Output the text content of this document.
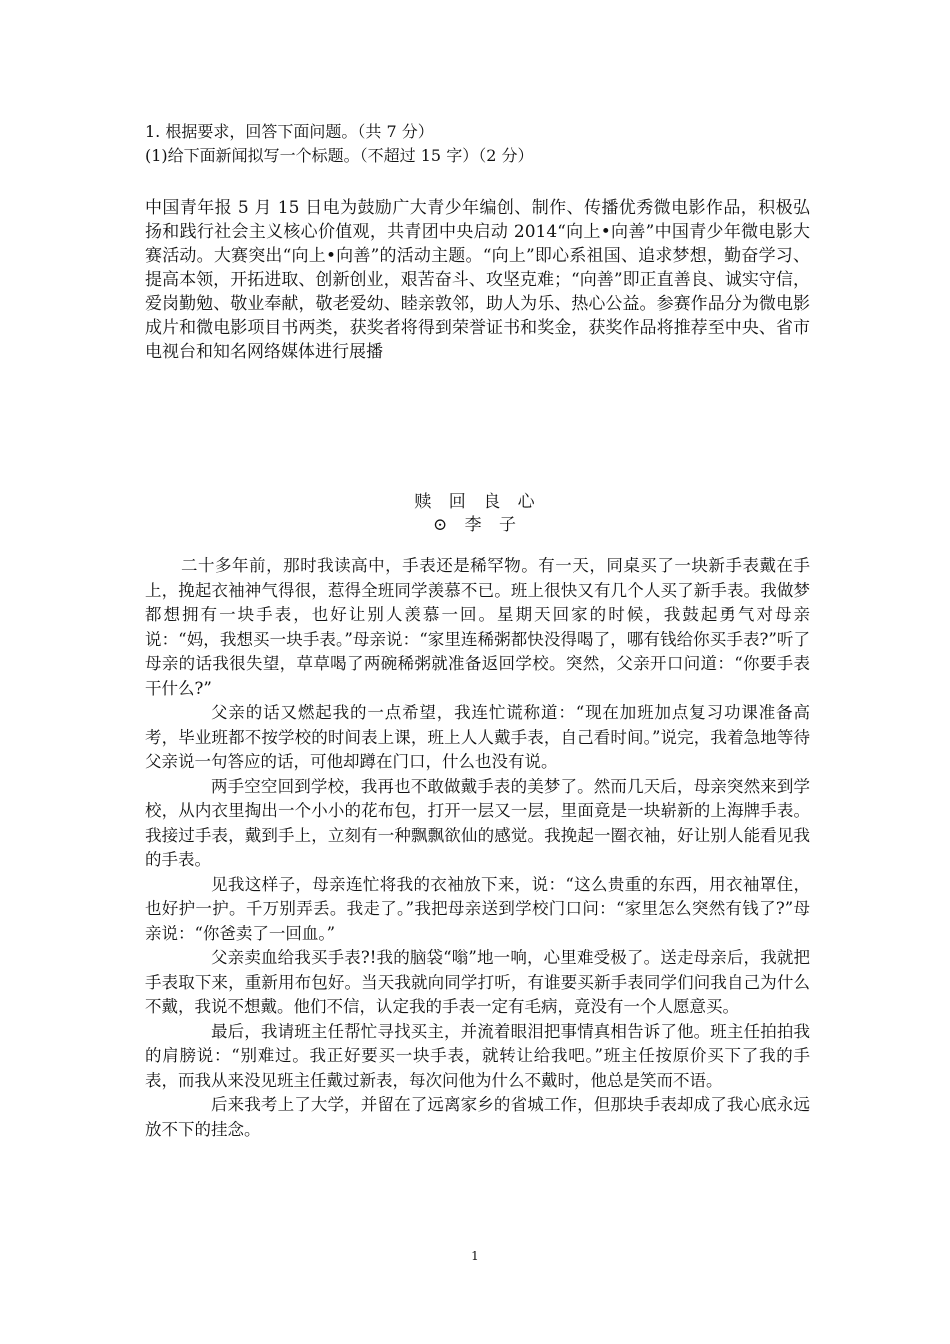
1. 根据要求，回答下面问题。（共 7 分）

(1)给下面新闻拟写一个标题。（不超过 15 字）（2 分）

中国青年报 5 月 15 日电为鼓励广大青少年编创、制作、传播优秀微电影作品，积极弘扬和践行社会主义核心价值观，共青团中央启动 2014“向上•向善”中国青少年微电影大赛活动。大赛突出“向上•向善”的活动主题。“向上”即心系祖国、追求梦想，勤奋学习、提高本领，开拓进取、创新创业，艰苦奋斗、攻坚克难；“向善”即正直善良、诚实守信，爱岗勤勉、敬业奉献，敬老爱幼、睦亲敦邻，助人为乐、热心公益。参赛作品分为微电影成片和微电影项目书两类，获奖者将得到荣誉证书和奖金，获奖作品将推荐至中央、省市电视台和知名网络媒体进行展播

赎 回 良 心

⊙ 李 子

二十多年前，那时我读高中，手表还是稀罕物。有一天，同桌买了一块新手表戴在手上，挽起衣袖神气得很，惹得全班同学羡慕不已。班上很快又有几个人买了新手表。我做梦都想拥有一块手表，也好让别人羡慕一回。星期天回家的时候，我鼓起勇气对母亲说：“妈，我想买一块手表。”母亲说：“家里连稀粥都快没得喝了，哪有钱给你买手表?”听了母亲的话我很失望，草草喝了两碗稀粥就准备返回学校。突然，父亲开口问道：“你要手表干什么?”

父亲的话又燃起我的一点希望，我连忙谎称道：“现在加班加点复习功课准备高考，毕业班都不按学校的时间表上课，班上人人戴手表，自己看时间。”说完，我着急地等待父亲说一句答应的话，可他却蹲在门口，什么也没有说。

两手空空回到学校，我再也不敢做戴手表的美梦了。然而几天后，母亲突然来到学校，从内衣里掏出一个小小的花布包，打开一层又一层，里面竟是一块崭新的上海牌手表。我接过手表，戴到手上，立刻有一种飘飘欲仙的感觉。我挽起一圈衣袖，好让别人能看见我的手表。

见我这样子，母亲连忙将我的衣袖放下来，说：“这么贵重的东西，用衣袖罩住，也好护一护。千万别弄丢。我走了。”我把母亲送到学校门口问：“家里怎么突然有钱了?”母亲说：“你爸卖了一回血。”

父亲卖血给我买手表?!我的脑袋“嗡”地一响，心里难受极了。送走母亲后，我就把手表取下来，重新用布包好。当天我就向同学打听，有谁要买新手表同学们问我自己为什么不戴，我说不想戴。他们不信，认定我的手表一定有毛病，竟没有一个人愿意买。

最后，我请班主任帮忙寻找买主，并流着眼泪把事情真相告诉了他。班主任拍拍我的肩膀说：“别难过。我正好要买一块手表，就转让给我吧。”班主任按原价买下了我的手表，而我从来没见班主任戴过新表，每次问他为什么不戴时，他总是笑而不语。

后来我考上了大学，并留在了远离家乡的省城工作，但那块手表却成了我心底永远放不下的挂念。

1
